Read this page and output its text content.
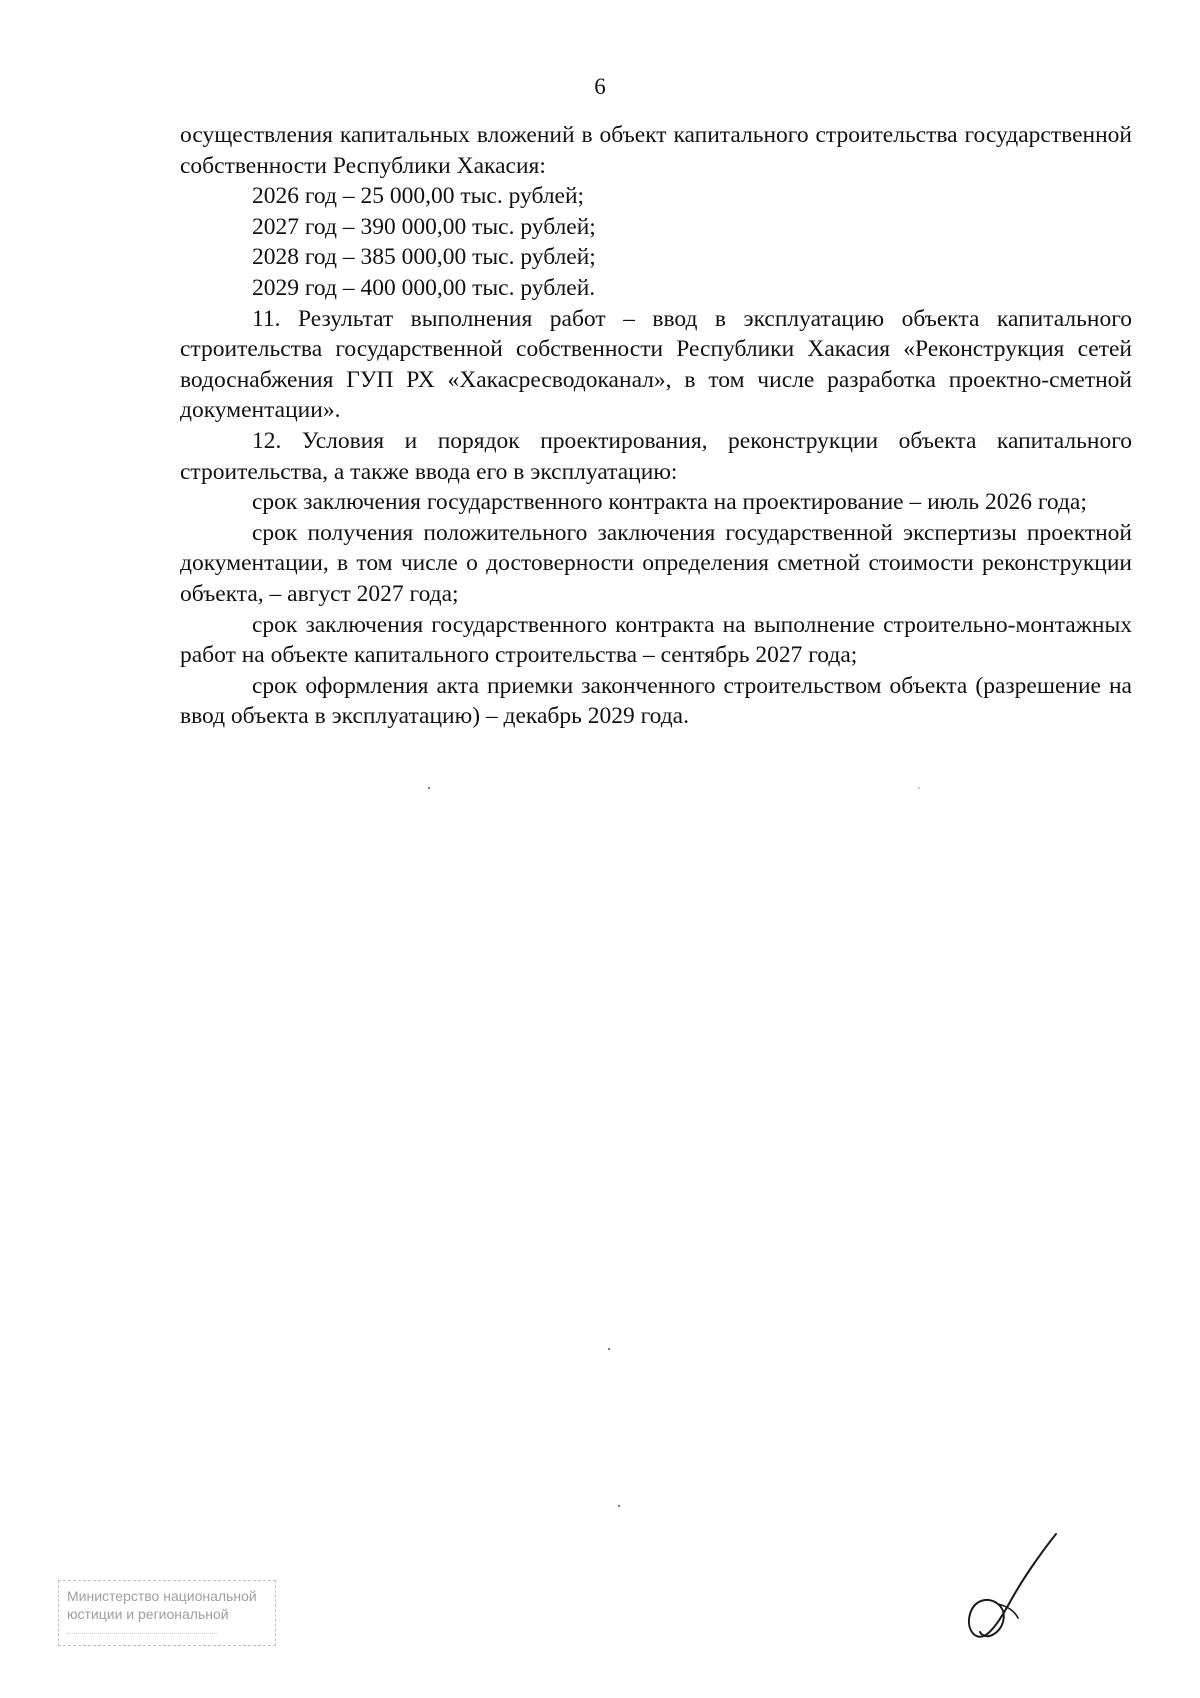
6

осуществления капитальных вложений в объект капитального строительства государственной собственности Республики Хакасия:

2026 год – 25 000,00 тыс. рублей;

2027 год – 390 000,00 тыс. рублей;

2028 год – 385 000,00 тыс. рублей;

2029 год – 400 000,00 тыс. рублей.

11. Результат выполнения работ – ввод в эксплуатацию объекта капитального строительства государственной собственности Республики Хакасия «Реконструкция сетей водоснабжения ГУП РХ «Хакасресводоканал», в том числе разработка проектно-сметной документации».

12. Условия и порядок проектирования, реконструкции объекта капитального строительства, а также ввода его в эксплуатацию:

срок заключения государственного контракта на проектирование – июль 2026 года;

срок получения положительного заключения государственной экспертизы проектной документации, в том числе о достоверности определения сметной стоимости реконструкции объекта, – август 2027 года;

срок заключения государственного контракта на выполнение строительно-монтажных работ на объекте капитального строительства – сентябрь 2027 года;

срок оформления акта приемки законченного строительством объекта (разрешение на ввод объекта в эксплуатацию) – декабрь 2029 года.

Министерство национальной
юстиции и региональной
